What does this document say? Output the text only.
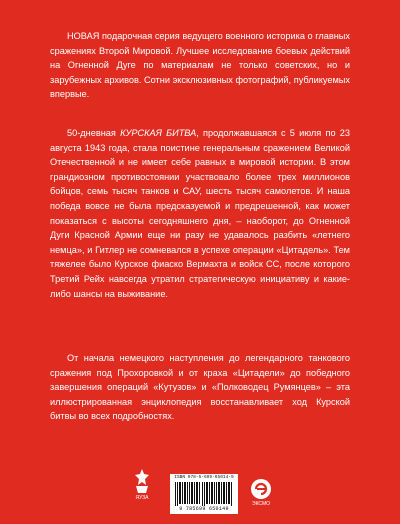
НОВАЯ подарочная серия ведущего военного историка о главных сражениях Второй Мировой. Лучшее исследование боевых действий на Огненной Дуге по материалам не только советских, но и зарубежных архивов. Сотни эксклюзивных фотографий, публикуемых впервые.

50-дневная КУРСКАЯ БИТВА, продолжавшаяся с 5 июля по 23 августа 1943 года, стала поистине генеральным сражением Великой Отечественной и не имеет себе равных в мировой истории. В этом грандиозном противостоянии участвовало более трех миллионов бойцов, семь тысяч танков и САУ, шесть тысяч самолетов. И наша победа вовсе не была предсказуемой и предрешенной, как может показаться с высоты сегодняшнего дня, – наоборот, до Огненной Дуги Красной Армии еще ни разу не удавалось разбить «летнего немца», и Гитлер не сомневался в успехе операции «Цитадель». Тем тяжелее было Курское фиаско Вермахта и войск СС, после которого Третий Рейх навсегда утратил стратегическую инициативу и какие-либо шансы на выживание.

От начала немецкого наступления до легендарного танкового сражения под Прохоровкой и от краха «Цитадели» до победного завершения операций «Кутузов» и «Полководец Румянцев» – эта иллюстрированная энциклопедия восстанавливает ход Курской битвы во всех подробностях.

ЯУЗА
ISBN 978-5-699-65014-9
9 785699 650149
ЭКСМО
